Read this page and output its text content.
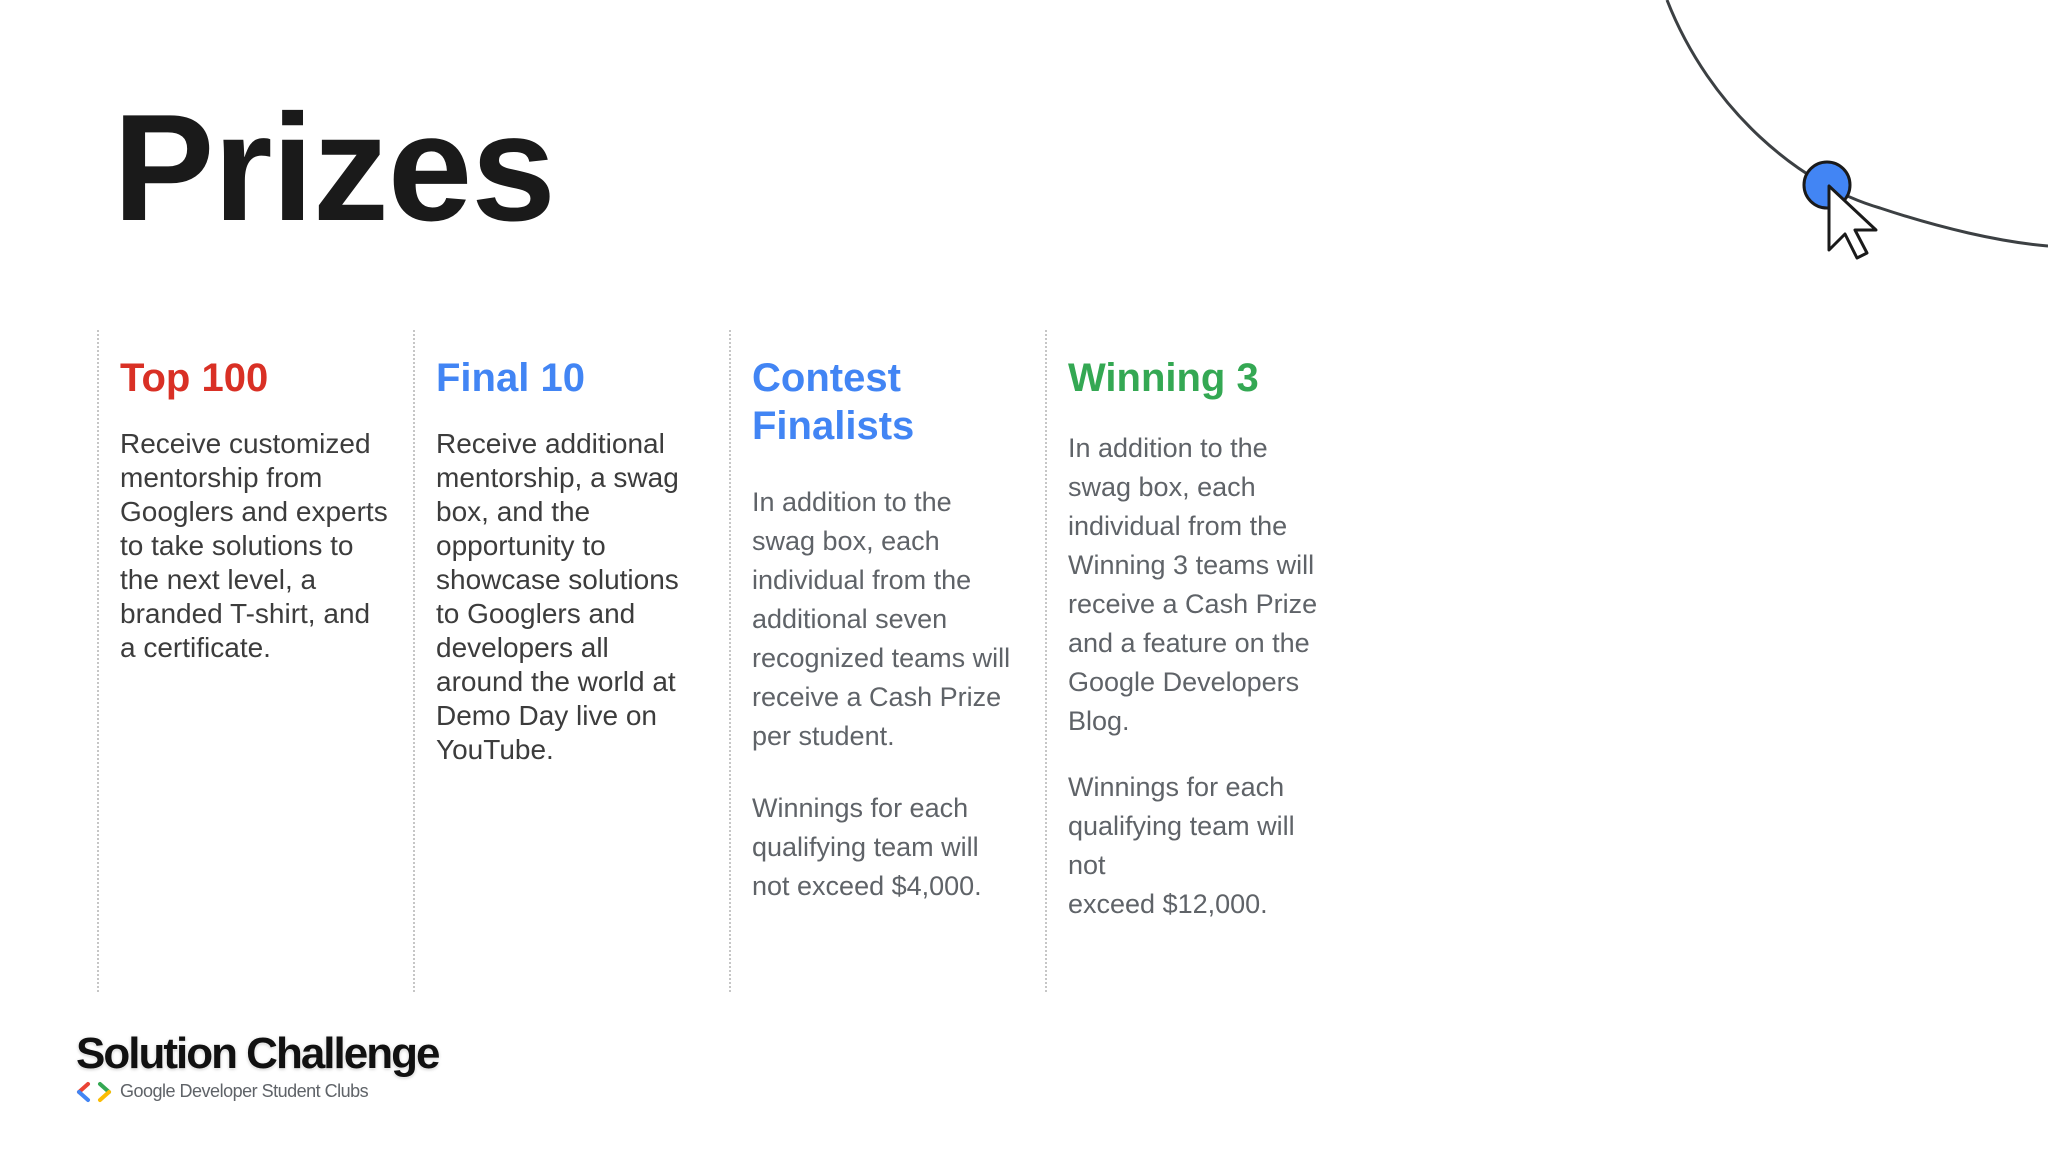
Prizes
Top 100

Receive customized mentorship from Googlers and experts to take solutions to the next level, a branded T-shirt, and a certificate.

Final 10

Receive additional mentorship, a swag box, and the opportunity to showcase solutions to Googlers and developers all around the world at Demo Day live on YouTube.

Contest Finalists

In addition to the swag box, each individual from the additional seven recognized teams will receive a Cash Prize per student.

Winnings for each qualifying team will not exceed $4,000.

Winning 3

In addition to the swag box, each individual from the Winning 3 teams will receive a Cash Prize and a feature on the Google Developers Blog.

Winnings for each qualifying team will not
exceed $12,000.

Solution Challenge
Google Developer Student Clubs
